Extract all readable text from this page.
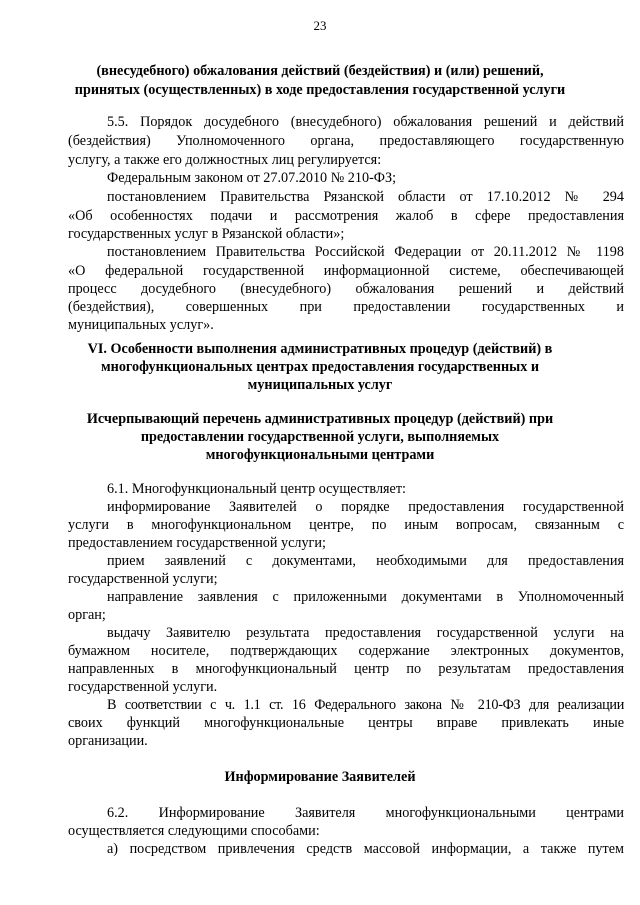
23
(внесудебного) обжалования действий (бездействия) и (или) решений,
принятых (осуществленных) в ходе предоставления государственной услуги
5.5. Порядок досудебного (внесудебного) обжалования решений и действий
(бездействия) Уполномоченного органа, предоставляющего государственную
услугу, а также его должностных лиц регулируется:
Федеральным законом от 27.07.2010 № 210-ФЗ;
постановлением Правительства Рязанской области от 17.10.2012 № 294
«Об особенностях подачи и рассмотрения жалоб в сфере предоставления
государственных услуг в Рязанской области»;
постановлением Правительства Российской Федерации от 20.11.2012 № 1198
«О федеральной государственной информационной системе, обеспечивающей
процесс досудебного (внесудебного) обжалования решений и действий
(бездействия), совершенных при предоставлении государственных и
муниципальных услуг».
VI. Особенности выполнения административных процедур (действий) в
многофункциональных центрах предоставления государственных и
муниципальных услуг
Исчерпывающий перечень административных процедур (действий) при
предоставлении государственной услуги, выполняемых
многофункциональными центрами
6.1. Многофункциональный центр осуществляет:
информирование Заявителей о порядке предоставления государственной
услуги в многофункциональном центре, по иным вопросам, связанным с
предоставлением государственной услуги;
прием заявлений с документами, необходимыми для предоставления
государственной услуги;
направление заявления с приложенными документами в Уполномоченный
орган;
выдачу Заявителю результата предоставления государственной услуги на
бумажном носителе, подтверждающих содержание электронных документов,
направленных в многофункциональный центр по результатам предоставления
государственной услуги.
В соответствии с ч. 1.1 ст. 16 Федерального закона № 210-ФЗ для реализации
своих функций многофункциональные центры вправе привлекать иные
организации.
Информирование Заявителей
6.2. Информирование Заявителя многофункциональными центрами
осуществляется следующими способами:
а) посредством привлечения средств массовой информации, а также путем
